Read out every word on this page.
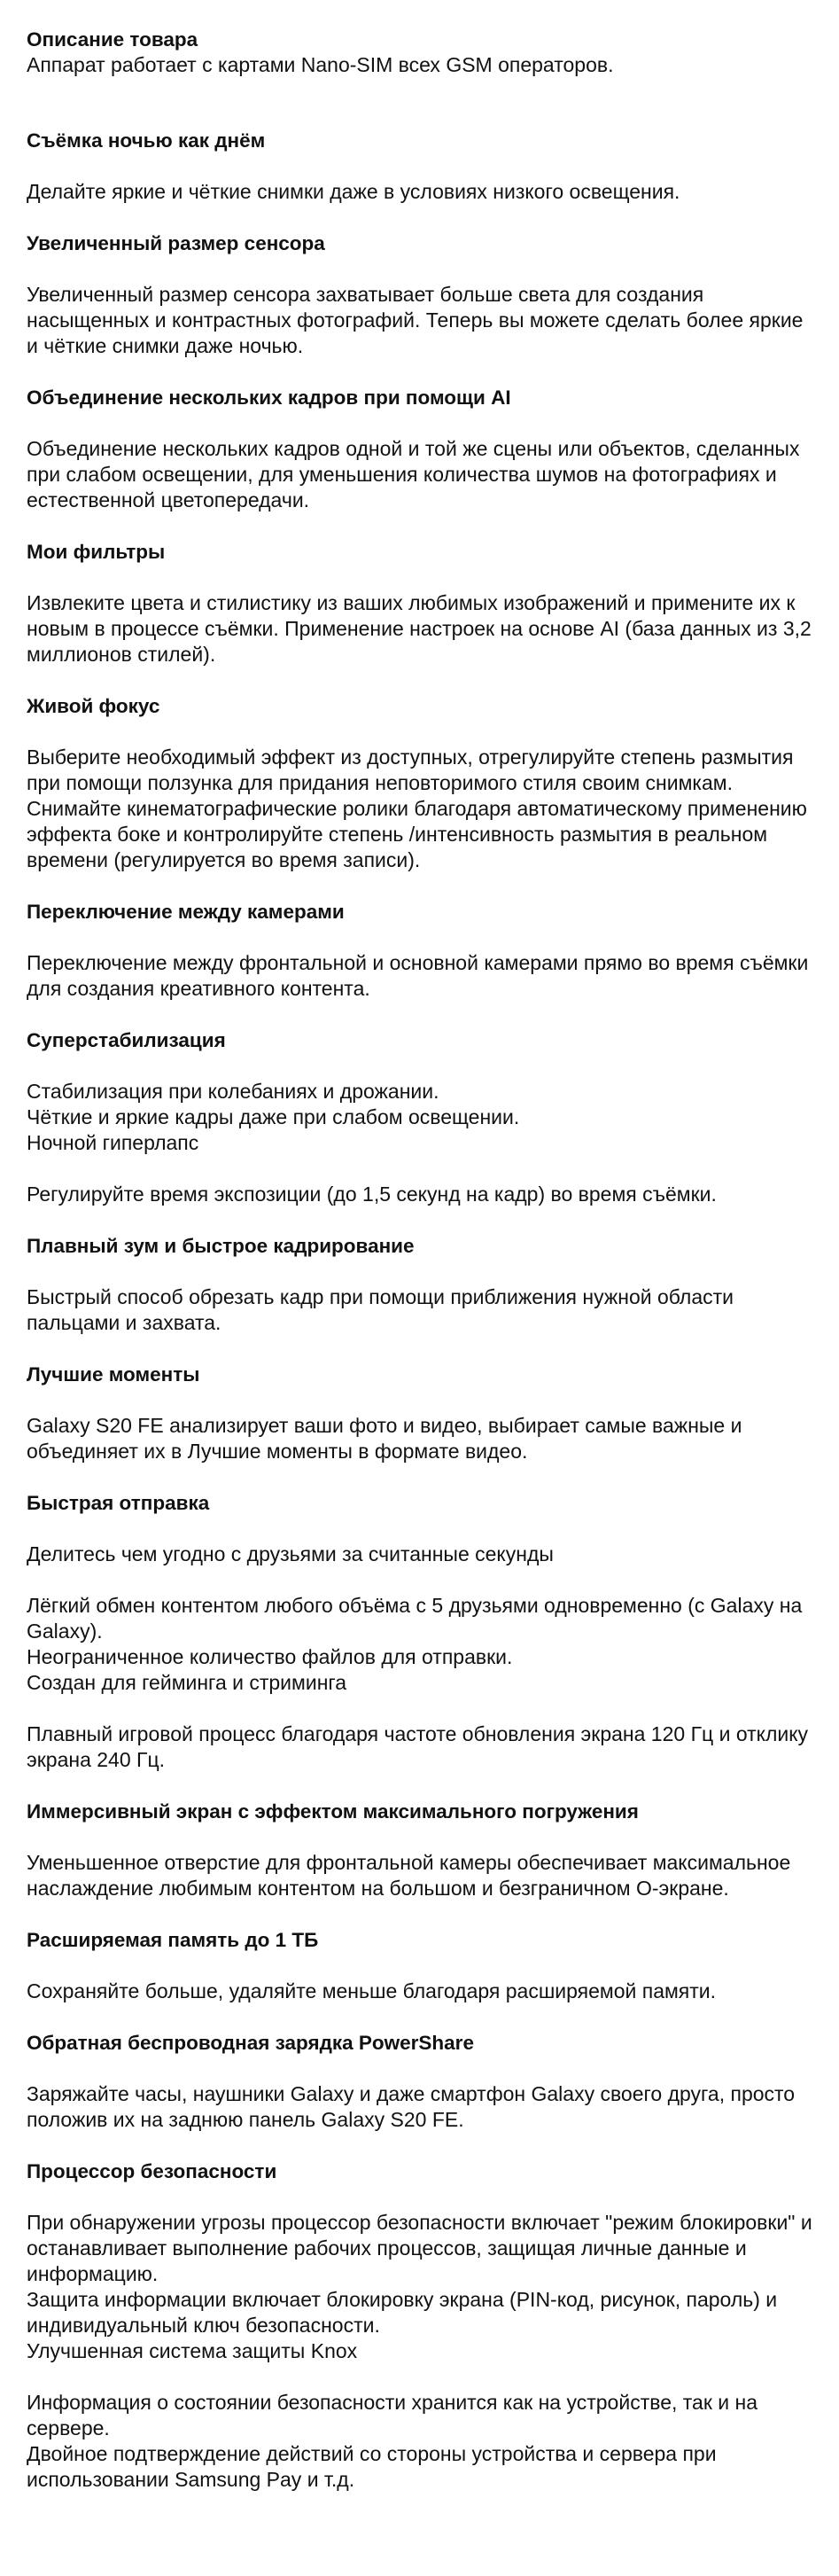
Описание товара

Аппарат работает с картами Nano-SIM всех GSM операторов.

Съёмка ночью как днём

Делайте яркие и чёткие снимки даже в условиях низкого освещения.

Увеличенный размер сенсора

Увеличенный размер сенсора захватывает больше света для создания насыщенных и контрастных фотографий. Теперь вы можете сделать более яркие и чёткие снимки даже ночью.

Объединение нескольких кадров при помощи AI

Объединение нескольких кадров одной и той же сцены или объектов, сделанных при слабом освещении, для уменьшения количества шумов на фотографиях и естественной цветопередачи.

Мои фильтры

Извлеките цвета и стилистику из ваших любимых изображений и примените их к новым в процессе съёмки. Применение настроек на основе AI (база данных из 3,2 миллионов стилей).

Живой фокус

Выберите необходимый эффект из доступных, отрегулируйте степень размытия при помощи ползунка для придания неповторимого стиля своим снимкам. Снимайте кинематографические ролики благодаря автоматическому применению эффекта боке и контролируйте степень /интенсивность размытия в реальном времени (регулируется во время записи).

Переключение между камерами

Переключение между фронтальной и основной камерами прямо во время съёмки для создания креативного контента.

Суперстабилизация

Стабилизация при колебаниях и дрожании.
Чёткие и яркие кадры даже при слабом освещении.
Ночной гиперлапс

Регулируйте время экспозиции (до 1,5 секунд на кадр) во время съёмки.

Плавный зум и быстрое кадрирование

Быстрый способ обрезать кадр при помощи приближения нужной области пальцами и захвата.

Лучшие моменты

Galaxy S20 FE анализирует ваши фото и видео, выбирает самые важные и объединяет их в Лучшие моменты в формате видео.

Быстрая отправка

Делитесь чем угодно с друзьями за считанные секунды

Лёгкий обмен контентом любого объёма с 5 друзьями одновременно (с Galaxy на Galaxy).
Неограниченное количество файлов для отправки.
Создан для гейминга и стриминга

Плавный игровой процесс благодаря частоте обновления экрана 120 Гц и отклику экрана 240 Гц.

Иммерсивный экран с эффектом максимального погружения

Уменьшенное отверстие для фронтальной камеры обеспечивает максимальное наслаждение любимым контентом на большом и безграничном О-экране.

Расширяемая память до 1 ТБ

Сохраняйте больше, удаляйте меньше благодаря расширяемой памяти.

Обратная беспроводная зарядка PowerShare

Заряжайте часы, наушники Galaxy и даже смартфон Galaxy своего друга, просто положив их на заднюю панель Galaxy S20 FE.

Процессор безопасности

При обнаружении угрозы процессор безопасности включает "режим блокировки" и останавливает выполнение рабочих процессов, защищая личные данные и информацию.
Защита информации включает блокировку экрана (PIN-код, рисунок, пароль) и индивидуальный ключ безопасности.
Улучшенная система защиты Knox

Информация о состоянии безопасности хранится как на устройстве, так и на сервере.
Двойное подтверждение действий со стороны устройства и сервера при использовании Samsung Pay и т.д.
